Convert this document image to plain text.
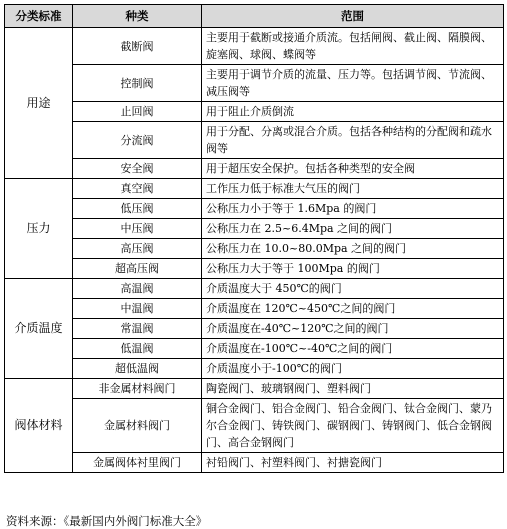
分类标准	种类	范围
用途	截断阀	主要用于截断或接通介质流。包括闸阀、截止阀、隔膜阀、旋塞阀、球阀、蝶阀等
	控制阀	主要用于调节介质的流量、压力等。包括调节阀、节流阀、减压阀等
	止回阀	用于阻止介质倒流
	分流阀	用于分配、分离或混合介质。包括各种结构的分配阀和疏水阀等
	安全阀	用于超压安全保护。包括各种类型的安全阀
压力	真空阀	工作压力低于标准大气压的阀门
	低压阀	公称压力小于等于 1.6Mpa 的阀门
	中压阀	公称压力在 2.5~6.4Mpa 之间的阀门
	高压阀	公称压力在 10.0~80.0Mpa 之间的阀门
	超高压阀	公称压力大于等于 100Mpa 的阀门
介质温度	高温阀	介质温度大于 450℃的阀门
	中温阀	介质温度在 120℃~450℃之间的阀门
	常温阀	介质温度在-40℃~120℃之间的阀门
	低温阀	介质温度在-100℃~-40℃之间的阀门
	超低温阀	介质温度小于-100℃的阀门
阀体材料	非金属材料阀门	陶瓷阀门、玻璃钢阀门、塑料阀门
	金属材料阀门	铜合金阀门、铝合金阀门、铅合金阀门、钛合金阀门、蒙乃尔合金阀门、铸铁阀门、碳钢阀门、铸钢阀门、低合金钢阀门、高合金钢阀门
	金属阀体衬里阀门	衬铅阀门、衬塑料阀门、衬搪瓷阀门
资料来源：《最新国内外阀门标准大全》
